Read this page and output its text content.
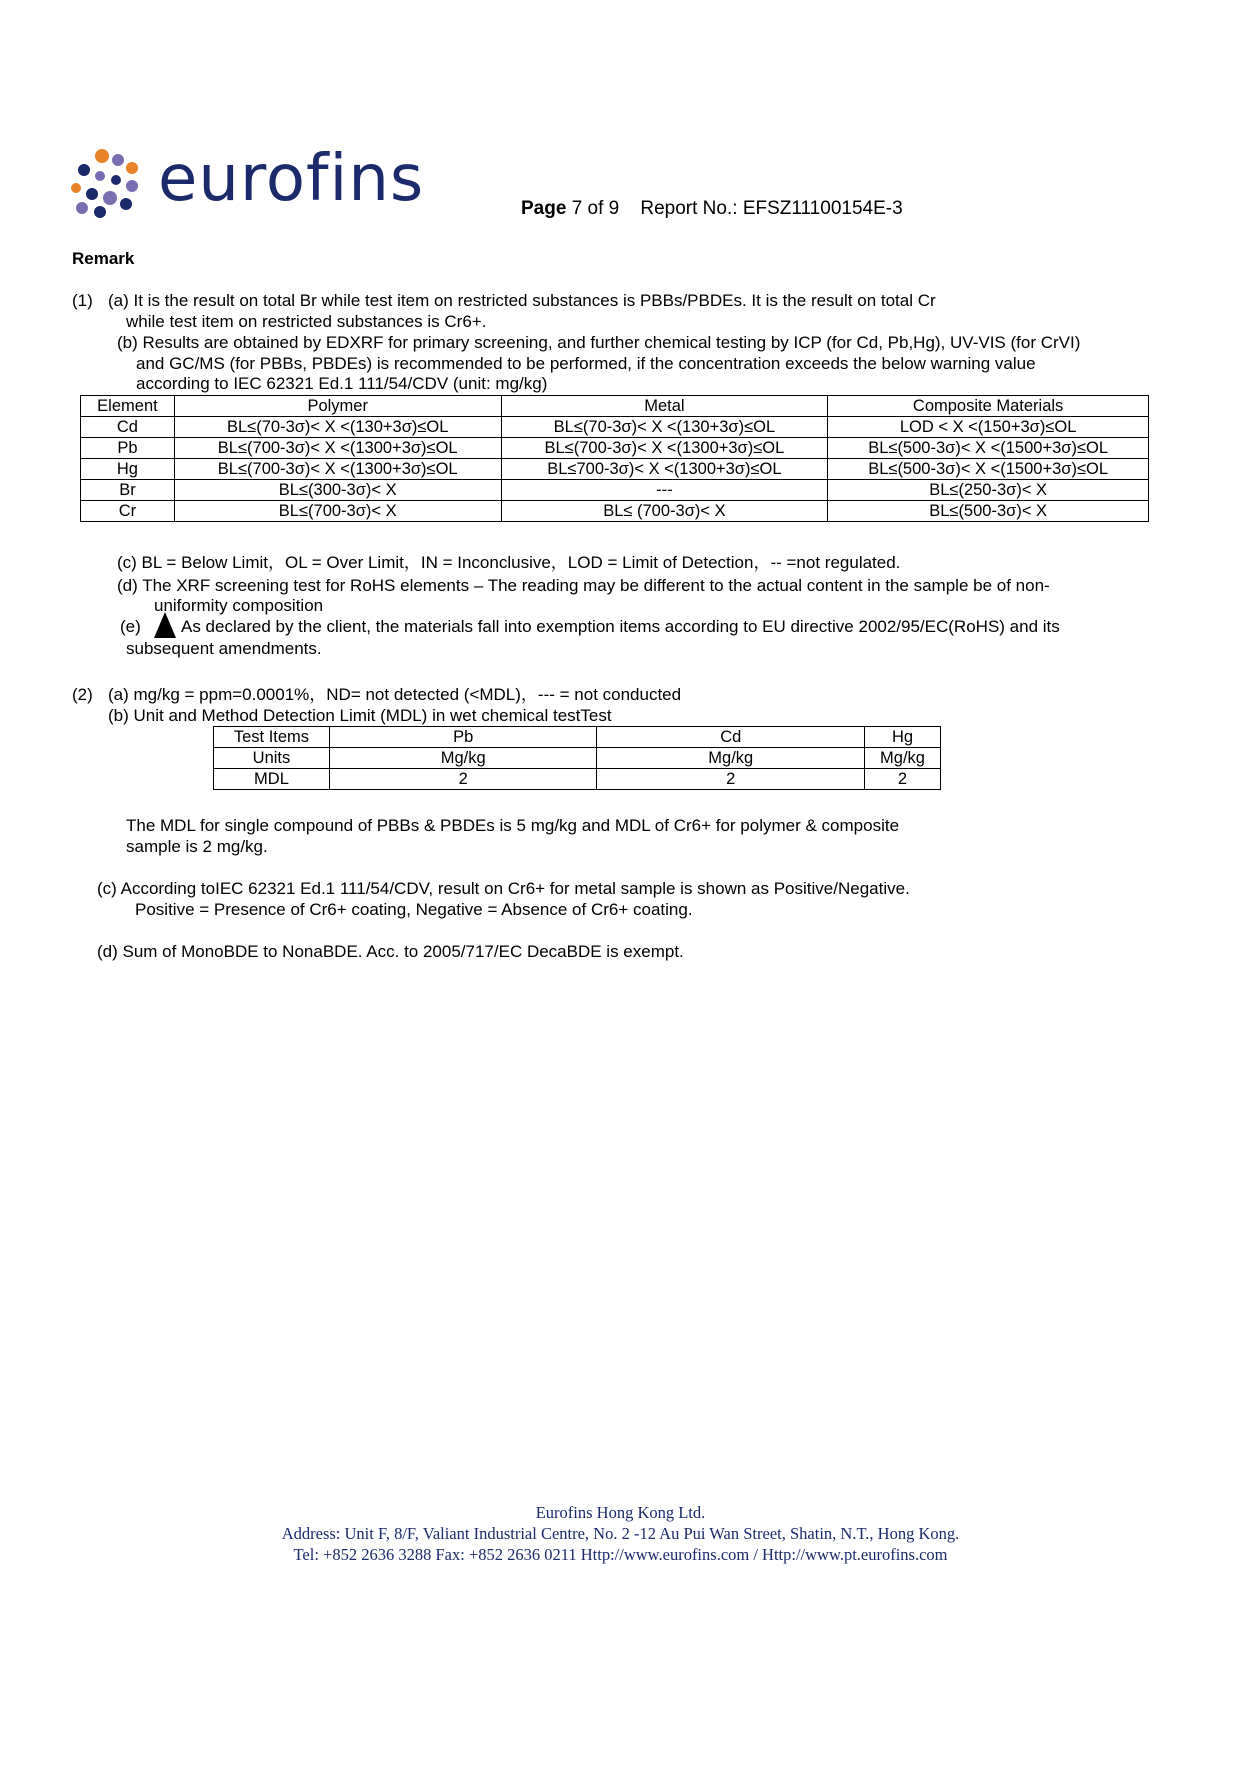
eurofins	Page 7 of 9 Report No.: EFSZ11100154E-3
Remark
(1) (a) It is the result on total Br while test item on restricted substances is PBBs/PBDEs. It is the result on total Cr
while test item on restricted substances is Cr6+.
(b) Results are obtained by EDXRF for primary screening, and further chemical testing by ICP (for Cd, Pb,Hg), UV-VIS (for CrVI)
and GC/MS (for PBBs, PBDEs) is recommended to be performed, if the concentration exceeds the below warning value
according to IEC 62321 Ed.1 111/54/CDV (unit: mg/kg)
Element	Polymer	Metal	Composite Materials
Cd	BL≤(70-3σ)< X <(130+3σ)≤OL	BL≤(70-3σ)< X <(130+3σ)≤OL	LOD < X <(150+3σ)≤OL
Pb	BL≤(700-3σ)< X <(1300+3σ)≤OL	BL≤(700-3σ)< X <(1300+3σ)≤OL	BL≤(500-3σ)< X <(1500+3σ)≤OL
Hg	BL≤(700-3σ)< X <(1300+3σ)≤OL	BL≤700-3σ)< X <(1300+3σ)≤OL	BL≤(500-3σ)< X <(1500+3σ)≤OL
Br	BL≤(300-3σ)< X	---	BL≤(250-3σ)< X
Cr	BL≤(700-3σ)< X	BL≤ (700-3σ)< X	BL≤(500-3σ)< X
(c) BL = Below Limit，OL = Over Limit，IN = Inconclusive，LOD = Limit of Detection，-- =not regulated.
(d) The XRF screening test for RoHS elements – The reading may be different to the actual content in the sample be of non-
uniformity composition
(e) As declared by the client, the materials fall into exemption items according to EU directive 2002/95/EC(RoHS) and its
subsequent amendments.
(2) (a) mg/kg = ppm=0.0001%，ND= not detected (<MDL)，--- = not conducted
(b) Unit and Method Detection Limit (MDL) in wet chemical testTest
Test Items	Pb	Cd	Hg
Units	Mg/kg	Mg/kg	Mg/kg
MDL	2	2	2
The MDL for single compound of PBBs & PBDEs is 5 mg/kg and MDL of Cr6+ for polymer & composite
sample is 2 mg/kg.
(c) According toIEC 62321 Ed.1 111/54/CDV, result on Cr6+ for metal sample is shown as Positive/Negative.
Positive = Presence of Cr6+ coating, Negative = Absence of Cr6+ coating.
(d) Sum of MonoBDE to NonaBDE. Acc. to 2005/717/EC DecaBDE is exempt.
Eurofins Hong Kong Ltd.
Address: Unit F, 8/F, Valiant Industrial Centre, No. 2 -12 Au Pui Wan Street, Shatin, N.T., Hong Kong.
Tel: +852 2636 3288 Fax: +852 2636 0211 Http://www.eurofins.com / Http://www.pt.eurofins.com
